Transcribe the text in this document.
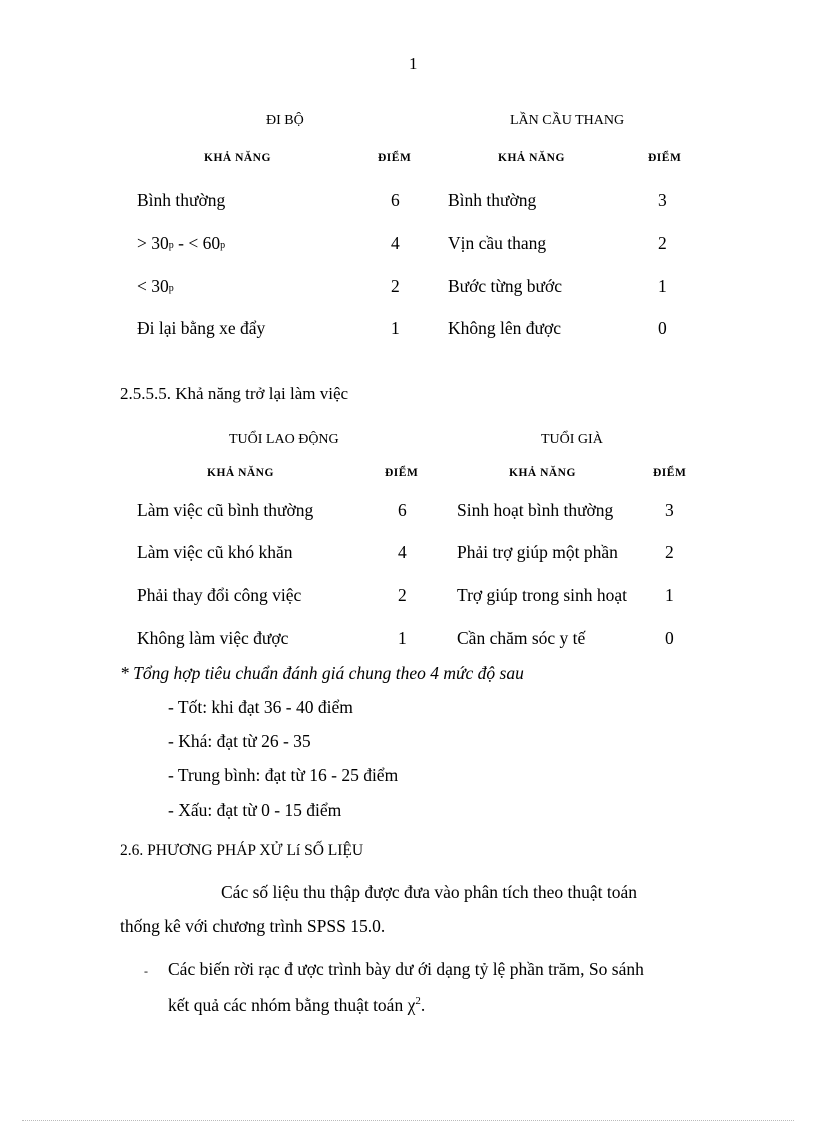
1
ĐI BỘ
KHẢ NĂNG	ĐIỂM
Bình thường	6
> 30p - < 60p	4
< 30p	2
Đi lại bằng xe đẩy	1
LẦN CẦU THANG
KHẢ NĂNG	ĐIỂM
Bình thường	3
Vịn cầu thang	2
Bước từng bước	1
Không lên được	0
2.5.5.5. Khả năng trở lại làm việc
TUỔI LAO ĐỘNG
KHẢ NĂNG	ĐIỂM
Làm việc cũ bình thường	6
Làm việc cũ khó khăn	4
Phải thay đổi công việc	2
Không làm việc được	1
TUỔI GIÀ
KHẢ NĂNG	ĐIỂM
Sinh hoạt bình thường	3
Phải trợ giúp một phần	2
Trợ giúp trong sinh hoạt 1
Cần chăm sóc y tế	0
* Tổng hợp tiêu chuẩn đánh giá chung theo 4 mức độ sau
- Tốt: khi đạt 36 - 40 điểm
- Khá: đạt từ 26 - 35
- Trung bình: đạt từ 16 - 25 điểm
- Xấu: đạt từ 0 - 15 điểm
2.6. PHƯƠNG PHÁP XỬ Lí SỐ LIỆU
Các số liệu thu thập được đưa vào phân tích theo thuật toán
thống kê với chương trình SPSS 15.0.
- Các biến rời rạc đ ược trình bày dư ới dạng tỷ lệ phần trăm, So sánh
kết quả các nhóm bằng thuật toán $\chi^2$.
